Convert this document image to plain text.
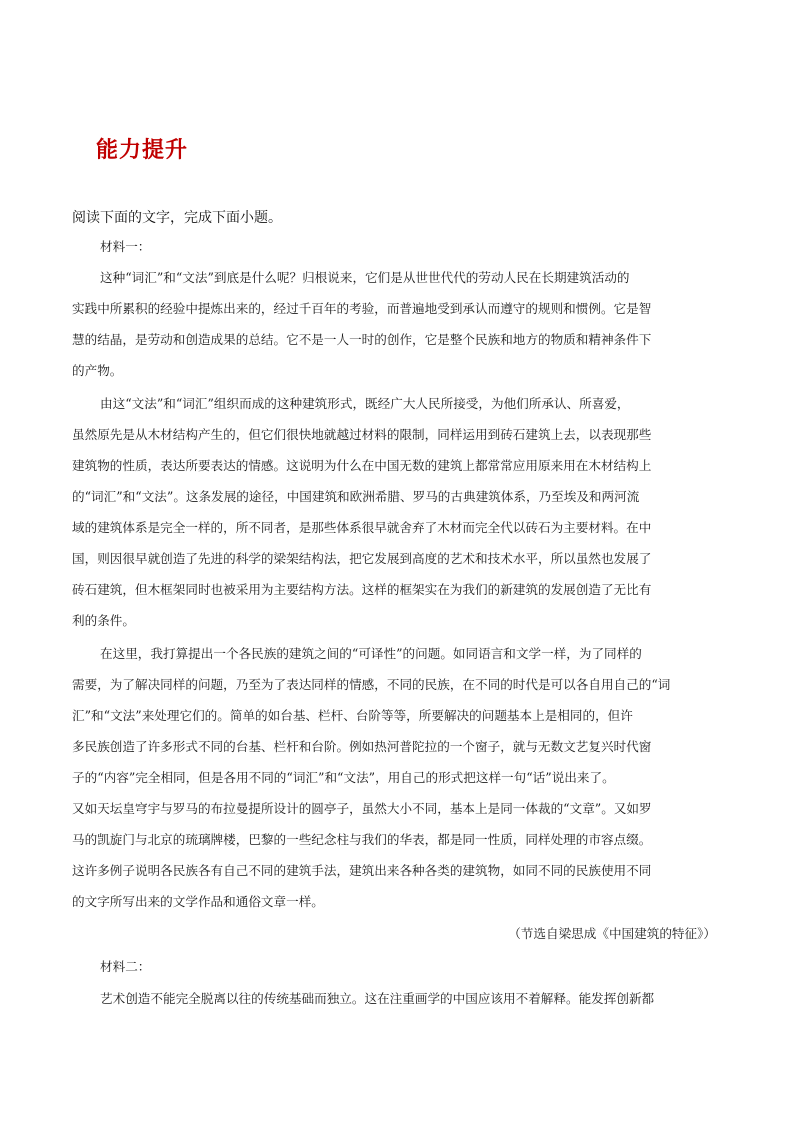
能力提升

阅读下面的文字，完成下面小题。

材料一：

这种“词汇”和“文法”到底是什么呢？归根说来，它们是从世世代代的劳动人民在长期建筑活动的

实践中所累积的经验中提炼出来的，经过千百年的考验，而普遍地受到承认而遵守的规则和惯例。它是智

慧的结晶，是劳动和创造成果的总结。它不是一人一时的创作，它是整个民族和地方的物质和精神条件下

的产物。

由这“文法”和“词汇”组织而成的这种建筑形式，既经广大人民所接受，为他们所承认、所喜爱，

虽然原先是从木材结构产生的，但它们很快地就越过材料的限制，同样运用到砖石建筑上去，以表现那些

建筑物的性质，表达所要表达的情感。这说明为什么在中国无数的建筑上都常常应用原来用在木材结构上

的“词汇”和“文法”。这条发展的途径，中国建筑和欧洲希腊、罗马的古典建筑体系，乃至埃及和两河流

域的建筑体系是完全一样的，所不同者，是那些体系很早就舍弃了木材而完全代以砖石为主要材料。在中

国，则因很早就创造了先进的科学的梁架结构法，把它发展到高度的艺术和技术水平，所以虽然也发展了

砖石建筑，但木框架同时也被采用为主要结构方法。这样的框架实在为我们的新建筑的发展创造了无比有

利的条件。

在这里，我打算提出一个各民族的建筑之间的“可译性”的问题。如同语言和文学一样，为了同样的

需要，为了解决同样的问题，乃至为了表达同样的情感，不同的民族，在不同的时代是可以各自用自己的“词

汇”和“文法”来处理它们的。简单的如台基、栏杆、台阶等等，所要解决的问题基本上是相同的，但许

多民族创造了许多形式不同的台基、栏杆和台阶。例如热河普陀拉的一个窗子，就与无数文艺复兴时代窗

子的“内容”完全相同，但是各用不同的“词汇”和“文法”，用自己的形式把这样一句“话”说出来了。

又如天坛皇穹宇与罗马的布拉曼提所设计的圆亭子，虽然大小不同，基本上是同一体裁的“文章”。又如罗

马的凯旋门与北京的琉璃牌楼，巴黎的一些纪念柱与我们的华表，都是同一性质，同样处理的市容点缀。

这许多例子说明各民族各有自己不同的建筑手法，建筑出来各种各类的建筑物，如同不同的民族使用不同

的文字所写出来的文学作品和通俗文章一样。

（节选自梁思成《中国建筑的特征》）

材料二：

艺术创造不能完全脱离以往的传统基础而独立。这在注重画学的中国应该用不着解释。能发挥创新都
